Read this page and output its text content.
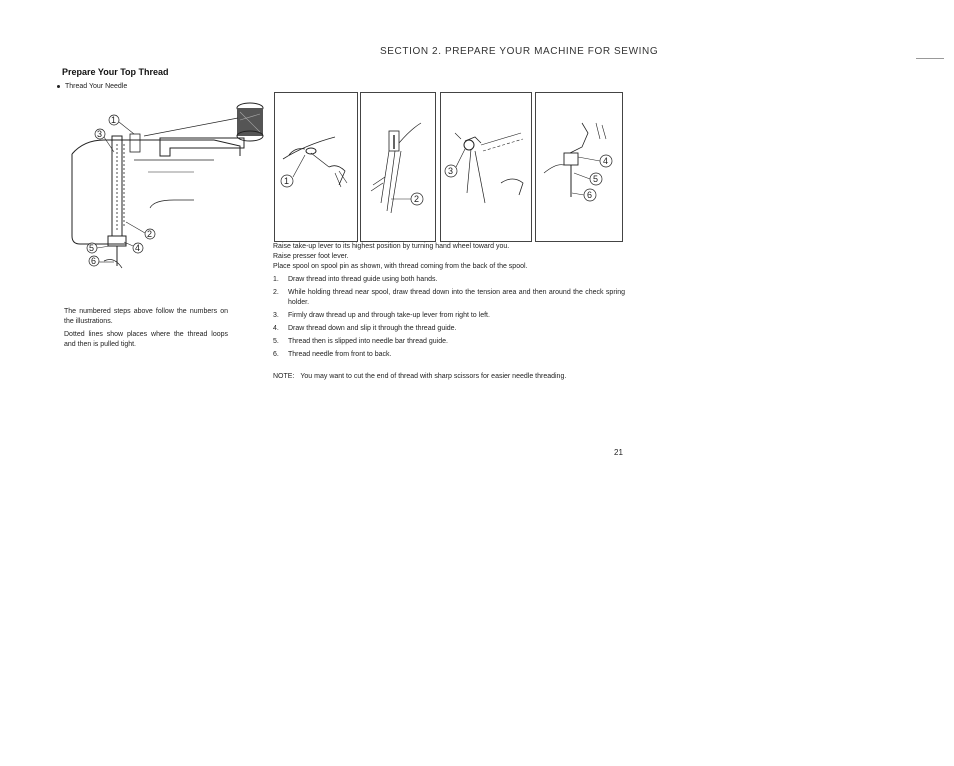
SECTION 2. PREPARE YOUR MACHINE FOR SEWING
Prepare Your Top Thread
Thread Your Needle
1
2
3
4
5
6
1
2
3
4
5
6
Raise take-up lever to its highest position by turning hand wheel toward you.
Raise presser foot lever.
Place spool on spool pin as shown, with thread coming from the back of the spool.
1.	Draw thread into thread guide using both hands.
2.	While holding thread near spool, draw thread down into the tension area and then around the check spring holder.
3.	Firmly draw thread up and through take-up lever from right to left.
4.	Draw thread down and slip it through the thread guide.
5.	Thread then is slipped into needle bar thread guide.
6.	Thread needle from front to back.
NOTE: You may want to cut the end of thread with sharp scissors for easier needle threading.
The numbered steps above follow the numbers on the illustrations.
Dotted lines show places where the thread loops and then is pulled tight.
21
